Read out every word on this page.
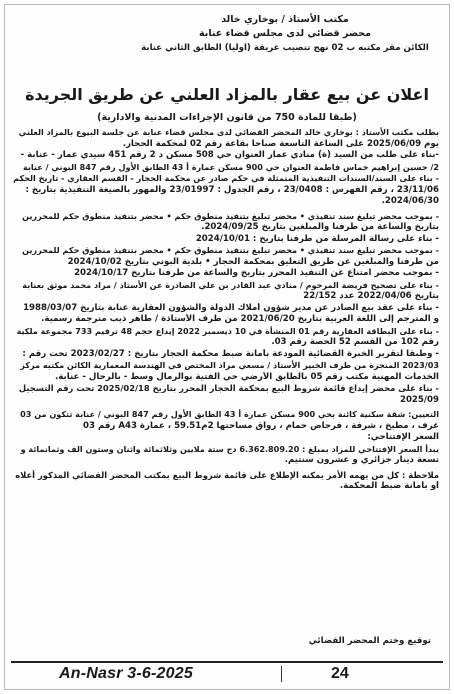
مكتب الأستاذ / بوخاري خالد
محضر قضائي لدى مجلس قضاء عنابة
الكائن مقر مكتبه ب 02 نهج تنصيب عريقة (اوليا) الطابق الثاني عنابة
اعلان عن بيع عقار بالمزاد العلني عن طريق الجريدة
(طبقا للمادة 750 من قانون الإجراءات المدنية والادارية)
بطلب مكتب الأستاذ : بوخاري خالد المحضر القضائي لدى مجلس قضاء عنابة عن جلسة البيوع بالمزاد العلني
يوم 2025/06/09 على الساعة التاسعة صباحا بقاعة رقم 02 لمحكمة الحجار.
-بناء على طلب من السيد (ة) منادي عمار العنوان حي 508 مسكن د 2 رقم 451 سيدي عمار - عنابة -
2/ حسين إبراهيم خماس فاطمة العنوان حي 900 مسكن عمارة أ 43 الطابق الأول رقم 847 البوني / عنابة
- بناء على السند/السندات التنفيذية المتمثلة في حكم صادر عن محكمة الحجار - القسم العقاري - تاريخ الحكم
23/11/06 ، رقم الفهرس : 23/0408 ، رقم الجدول : 23/01997 والمهور بالصيغة التنفيذية بتاريخ :
2024/06/30.
- بموجب محضر تبليغ سند تنفيذي • محضر تبليغ بتنفيذ منطوق حكم • محضر بتنفيذ منطوق حكم للمحررين
بتاريخ والساعة من طرفنا والمبلغين بتاريخ 2024/09/25.
- بناء على رسالة المرسلة من طرفنا بتاريخ : 2024/10/01
- بموجب محضر تبليغ سند تنفيذي • محضر تبليغ بتنفيذ منطوق حكم • محضر بتنفيذ منطوق حكم للمحررين
من طرفنا والمبلغين عن طريق التعليق بمحكمة الحجار • بلدية البوني بتاريخ 2024/10/02
- بموجب محضر امتناع عن التنفيذ المحرر بتاريخ والساعة من طرفنا بتاريخ 2024/10/17
- بناء على تصحيح فريضة المرحوم / منادي عبد القادر بن علي الصادرة عن الأستاذ / مراد محمد موثق بعنابة
بتاريخ 2022/04/06 عدد 22/152
- بناء على عقد بيع الصادر عن مدير شؤون أملاك الدولة والشؤون العقارية عنابة بتاريخ 1988/03/07
و المترجم إلى اللغة العربية بتاريخ 2021/06/20 من طرف الأستاذة / طاهر ذيب مترجمة رسمية.
- بناء على البطاقة العقارية رقم 01 المنشأة في 10 ديسمبر 2022 إيداع حجم 48 ترقيم 733 مجموعة ملكية
رقم 102 من القسم 52 الحصة رقم 03.
- وطبقا لتقرير الخبرة القضائية المودعة بأمانة ضبط محكمة الحجار بتاريخ : 2023/02/27 تحت رقم :
2023/03 المنجزة من طرف الخبير الأستاذ / مسعي مراد المختص في الهندسة المعمارية الكائن مكتبه مركز
الخدمات المهنية مكتب رقم 05 بالطابق الأرضي حي الفتية بوالرمال وسط - بالرحال - عنابة.
- بناء على محضر إيداع قائمة شروط البيع بمحكمة الحجار المحرر بتاريخ 2025/02/18 تحت رقم التسجيل
2025/09
التعيين: شقة سكنية كائنة بحي 900 مسكن عمارة أ 43 الطابق الأول رقم 847 البوني / عنابة تتكون من 03
غرف ، مطبخ ، شرفة ، فرحاض حمام ، رواق مساحتها 2م59.51 ، عمارة A43 رقم 03
السعر الإفتتاحي:
يبدأ السعر الإفتتاحي للمزاد بمبلغ : 6.362.809.20 دج ستة ملايين وثلاثمائة واثنان وستون الف وثمانمائة و
تسعة دينار جزائري و عشرون سنتيم.
ملاحظة : كل من يهمه الأمر يمكنه الإطلاع على قائمة شروط البيع بمكتب المحضر القضائي المذكور أعلاه
أو بأمانة ضبط المحكمة.
توقيع وختم المحضر القضائي
An-Nasr 3-6-2025	24
